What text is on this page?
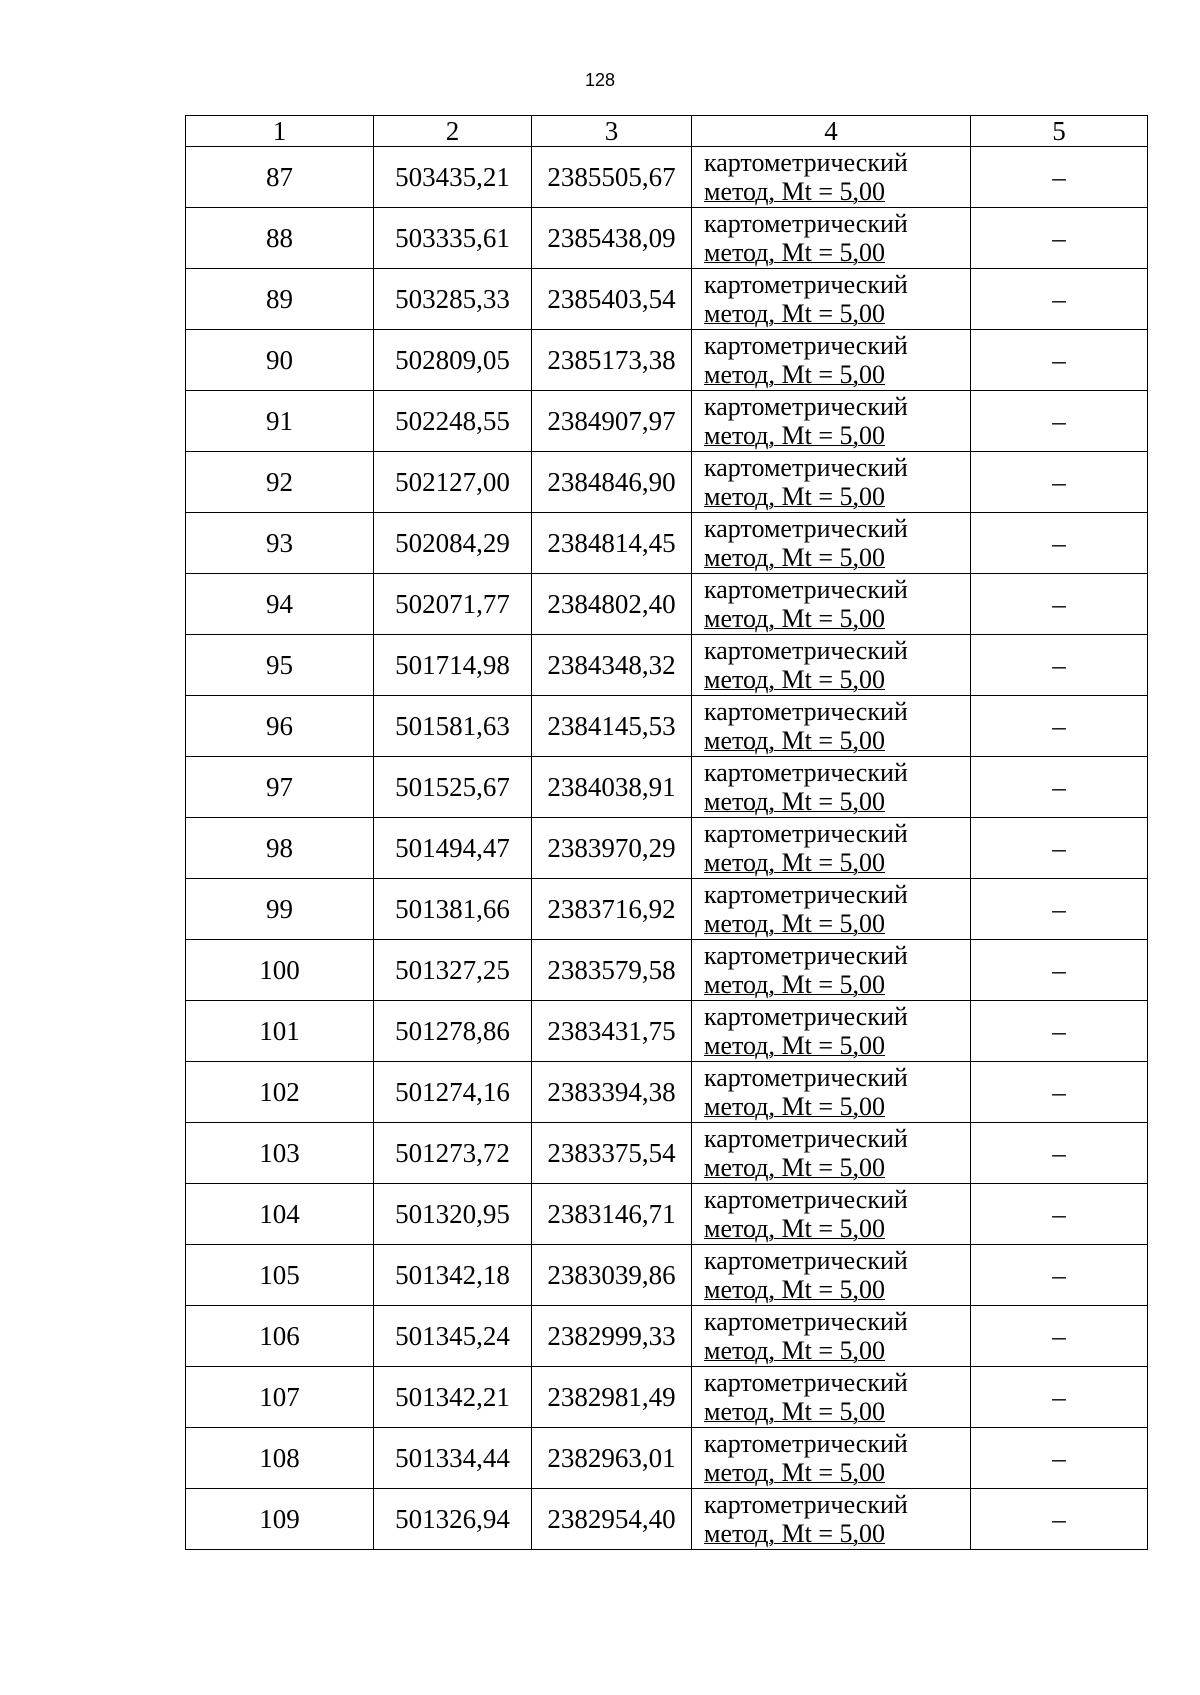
128
1	2	3	4	5
87	503435,21	2385505,67	картометрический
метод, Mt = 5,00	–
88	503335,61	2385438,09	картометрический
метод, Mt = 5,00	–
89	503285,33	2385403,54	картометрический
метод, Mt = 5,00	–
90	502809,05	2385173,38	картометрический
метод, Mt = 5,00	–
91	502248,55	2384907,97	картометрический
метод, Mt = 5,00	–
92	502127,00	2384846,90	картометрический
метод, Mt = 5,00	–
93	502084,29	2384814,45	картометрический
метод, Mt = 5,00	–
94	502071,77	2384802,40	картометрический
метод, Mt = 5,00	–
95	501714,98	2384348,32	картометрический
метод, Mt = 5,00	–
96	501581,63	2384145,53	картометрический
метод, Mt = 5,00	–
97	501525,67	2384038,91	картометрический
метод, Mt = 5,00	–
98	501494,47	2383970,29	картометрический
метод, Mt = 5,00	–
99	501381,66	2383716,92	картометрический
метод, Mt = 5,00	–
100	501327,25	2383579,58	картометрический
метод, Mt = 5,00	–
101	501278,86	2383431,75	картометрический
метод, Mt = 5,00	–
102	501274,16	2383394,38	картометрический
метод, Mt = 5,00	–
103	501273,72	2383375,54	картометрический
метод, Mt = 5,00	–
104	501320,95	2383146,71	картометрический
метод, Mt = 5,00	–
105	501342,18	2383039,86	картометрический
метод, Mt = 5,00	–
106	501345,24	2382999,33	картометрический
метод, Mt = 5,00	–
107	501342,21	2382981,49	картометрический
метод, Mt = 5,00	–
108	501334,44	2382963,01	картометрический
метод, Mt = 5,00	–
109	501326,94	2382954,40	картометрический
метод, Mt = 5,00	–
